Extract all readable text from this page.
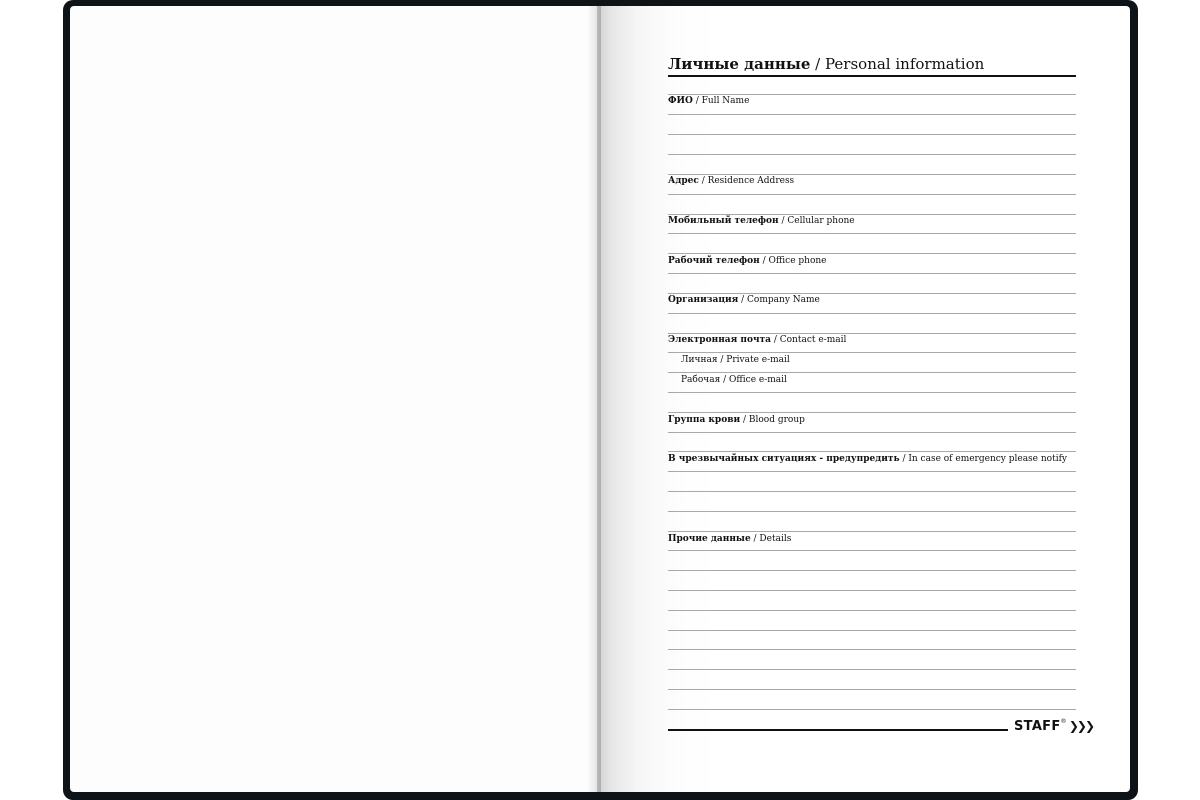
Личные данные / Personal information
ФИО / Full Name
Адрес / Residence Address
Мобильный телефон / Cellular phone
Рабочий телефон / Office phone
Организация / Company Name
Электронная почта / Contact e-mail
Личная / Private e-mail
Рабочая / Office e-mail
Группа крови / Blood group
В чрезвычайных ситуациях - предупредить / In case of emergency please notify
Прочие данные / Details
STAFF® ❯❯❯
